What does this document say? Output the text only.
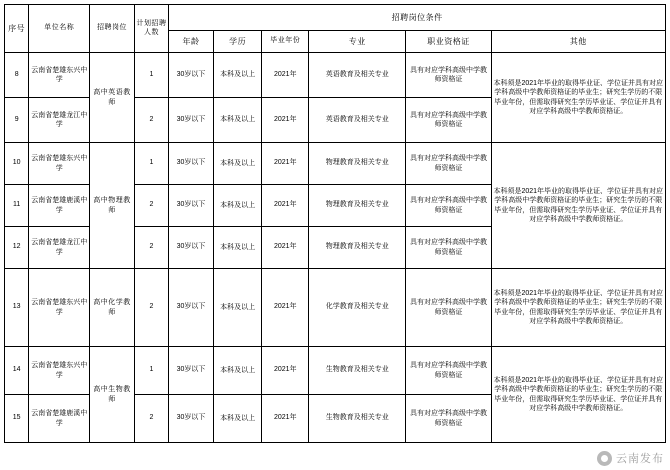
序号	单位名称	招聘岗位	计划招聘人数	招聘岗位条件					
				年龄	学历	毕业年份	专业	职业资格证	其他
8	云南省楚雄东兴中学	高中英语教师	1	30岁以下	本科及以上	2021年	英语教育及相关专业	具有对应学科高级中学教师资格证	本科须是2021年毕业的取得毕业证、学位证并具有对应学科高级中学教师资格证的毕业生；研究生学历的不限毕业年份，但需取得研究生学历毕业证、学位证并具有对应学科高级中学教师资格证。
9	云南省楚雄龙江中学		2	30岁以下	本科及以上	2021年	英语教育及相关专业	具有对应学科高级中学教师资格证	
10	云南省楚雄东兴中学	高中物理教师	1	30岁以下	本科及以上	2021年	物理教育及相关专业	具有对应学科高级中学教师资格证	本科须是2021年毕业的取得毕业证、学位证并具有对应学科高级中学教师资格证的毕业生；研究生学历的不限毕业年份，但需取得研究生学历毕业证、学位证并具有对应学科高级中学教师资格证。
11	云南省楚雄鹿溪中学		2	30岁以下	本科及以上	2021年	物理教育及相关专业	具有对应学科高级中学教师资格证	
12	云南省楚雄龙江中学		2	30岁以下	本科及以上	2021年	物理教育及相关专业	具有对应学科高级中学教师资格证	
13	云南省楚雄东兴中学	高中化学教师	2	30岁以下	本科及以上	2021年	化学教育及相关专业	具有对应学科高级中学教师资格证	本科须是2021年毕业的取得毕业证、学位证并具有对应学科高级中学教师资格证的毕业生；研究生学历的不限毕业年份，但需取得研究生学历毕业证、学位证并具有对应学科高级中学教师资格证。
14	云南省楚雄东兴中学	高中生物教师	1	30岁以下	本科及以上	2021年	生物教育及相关专业	具有对应学科高级中学教师资格证	本科须是2021年毕业的取得毕业证、学位证并具有对应学科高级中学教师资格证的毕业生；研究生学历的不限毕业年份，但需取得研究生学历毕业证、学位证并具有对应学科高级中学教师资格证。
15	云南省楚雄鹿溪中学		2	30岁以下	本科及以上	2021年	生物教育及相关专业	具有对应学科高级中学教师资格证	
云南发布
